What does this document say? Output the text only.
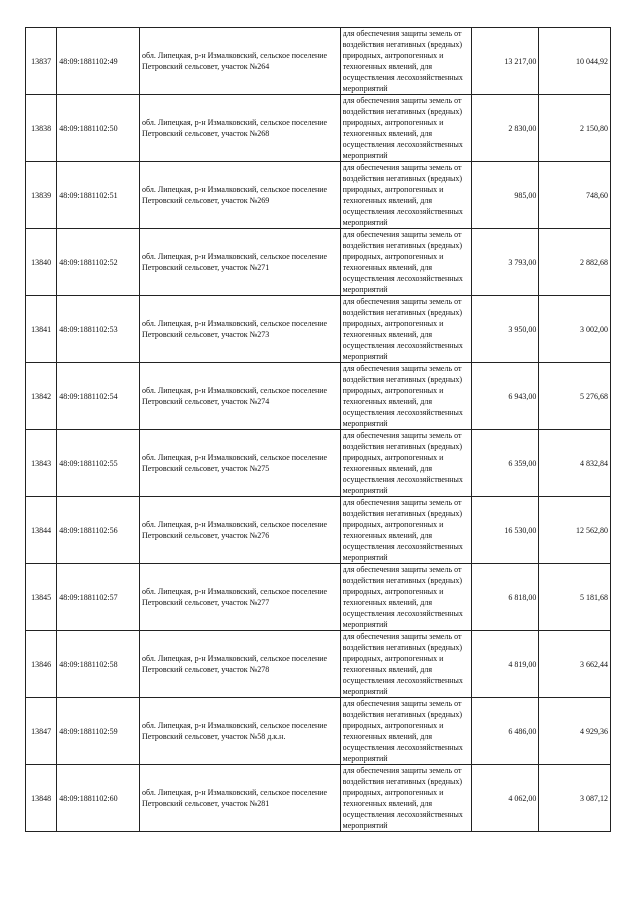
13837	48:09:1881102:49	обл. Липецкая, р-н Измалковский, сельское поселение Петровский сельсовет, участок №264	для обеспечения защиты земель от воздействия негативных (вредных) природных, антропогенных и техногенных явлений, для осуществления лесохозяйственных мероприятий	13 217,00	10 044,92
13838	48:09:1881102:50	обл. Липецкая, р-н Измалковский, сельское поселение Петровский сельсовет, участок №268	для обеспечения защиты земель от воздействия негативных (вредных) природных, антропогенных и техногенных явлений, для осуществления лесохозяйственных мероприятий	2 830,00	2 150,80
13839	48:09:1881102:51	обл. Липецкая, р-н Измалковский, сельское поселение Петровский сельсовет, участок №269	для обеспечения защиты земель от воздействия негативных (вредных) природных, антропогенных и техногенных явлений, для осуществления лесохозяйственных мероприятий	985,00	748,60
13840	48:09:1881102:52	обл. Липецкая, р-н Измалковский, сельское поселение Петровский сельсовет, участок №271	для обеспечения защиты земель от воздействия негативных (вредных) природных, антропогенных и техногенных явлений, для осуществления лесохозяйственных мероприятий	3 793,00	2 882,68
13841	48:09:1881102:53	обл. Липецкая, р-н Измалковский, сельское поселение Петровский сельсовет, участок №273	для обеспечения защиты земель от воздействия негативных (вредных) природных, антропогенных и техногенных явлений, для осуществления лесохозяйственных мероприятий	3 950,00	3 002,00
13842	48:09:1881102:54	обл. Липецкая, р-н Измалковский, сельское поселение Петровский сельсовет, участок №274	для обеспечения защиты земель от воздействия негативных (вредных) природных, антропогенных и техногенных явлений, для осуществления лесохозяйственных мероприятий	6 943,00	5 276,68
13843	48:09:1881102:55	обл. Липецкая, р-н Измалковский, сельское поселение Петровский сельсовет, участок №275	для обеспечения защиты земель от воздействия негативных (вредных) природных, антропогенных и техногенных явлений, для осуществления лесохозяйственных мероприятий	6 359,00	4 832,84
13844	48:09:1881102:56	обл. Липецкая, р-н Измалковский, сельское поселение Петровский сельсовет, участок №276	для обеспечения защиты земель от воздействия негативных (вредных) природных, антропогенных и техногенных явлений, для осуществления лесохозяйственных мероприятий	16 530,00	12 562,80
13845	48:09:1881102:57	обл. Липецкая, р-н Измалковский, сельское поселение Петровский сельсовет, участок №277	для обеспечения защиты земель от воздействия негативных (вредных) природных, антропогенных и техногенных явлений, для осуществления лесохозяйственных мероприятий	6 818,00	5 181,68
13846	48:09:1881102:58	обл. Липецкая, р-н Измалковский, сельское поселение Петровский сельсовет, участок №278	для обеспечения защиты земель от воздействия негативных (вредных) природных, антропогенных и техногенных явлений, для осуществления лесохозяйственных мероприятий	4 819,00	3 662,44
13847	48:09:1881102:59	обл. Липецкая, р-н Измалковский, сельское поселение Петровский сельсовет, участок №58 д.к.н.	для обеспечения защиты земель от воздействия негативных (вредных) природных, антропогенных и техногенных явлений, для осуществления лесохозяйственных мероприятий	6 486,00	4 929,36
13848	48:09:1881102:60	обл. Липецкая, р-н Измалковский, сельское поселение Петровский сельсовет, участок №281	для обеспечения защиты земель от воздействия негативных (вредных) природных, антропогенных и техногенных явлений, для осуществления лесохозяйственных мероприятий	4 062,00	3 087,12
